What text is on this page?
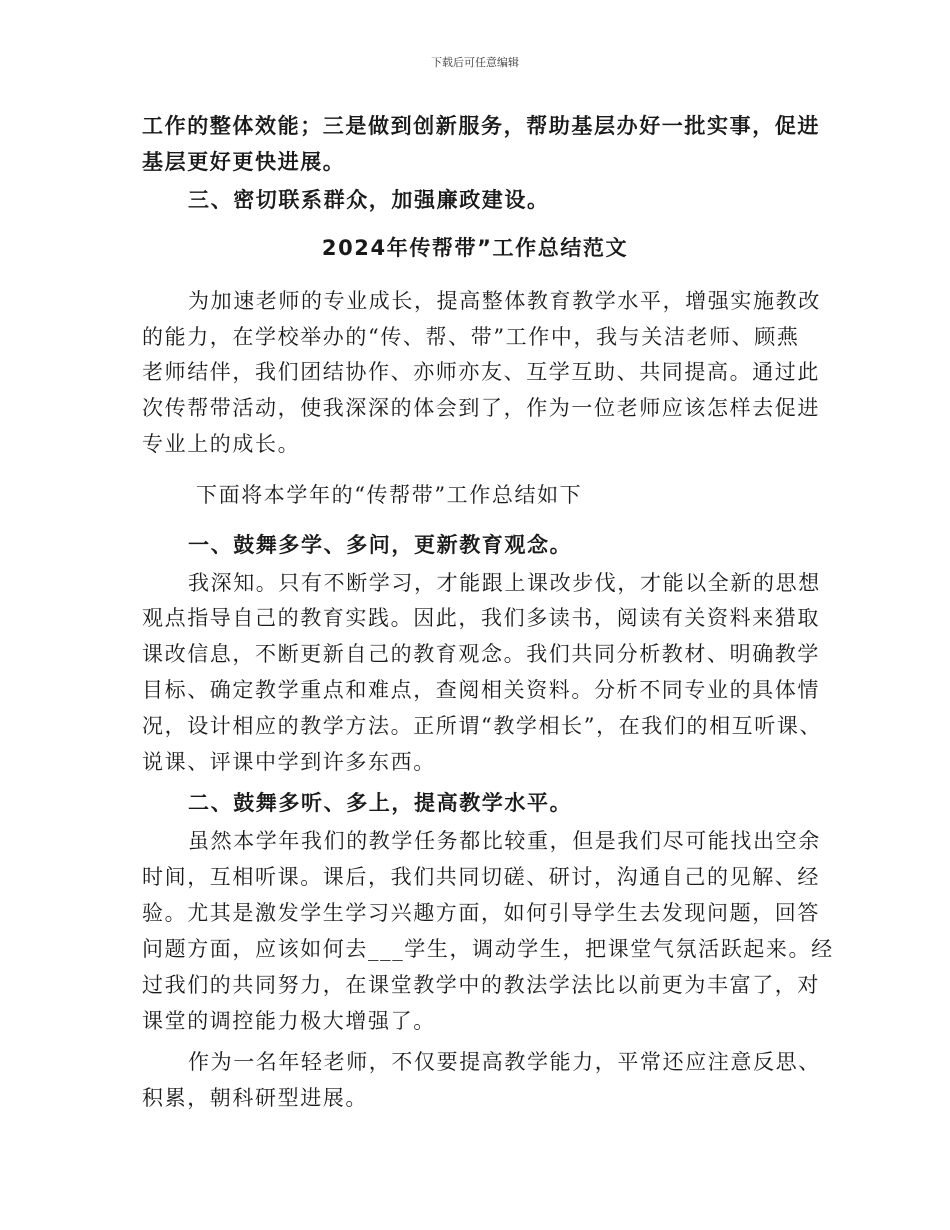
下载后可任意编辑
工作的整体效能；三是做到创新服务，帮助基层办好一批实事，促进
基层更好更快进展。
三、密切联系群众，加强廉政建设。
2024年传帮带”工作总结范文
为加速老师的专业成长，提高整体教育教学水平，增强实施教改
的能力，在学校举办的“传、帮、带”工作中，我与关洁老师、顾燕
老师结伴，我们团结协作、亦师亦友、互学互助、共同提高。通过此
次传帮带活动，使我深深的体会到了，作为一位老师应该怎样去促进
专业上的成长。
下面将本学年的“传帮带”工作总结如下
一、鼓舞多学、多问，更新教育观念。
我深知。只有不断学习，才能跟上课改步伐，才能以全新的思想
观点指导自己的教育实践。因此，我们多读书，阅读有关资料来猎取
课改信息，不断更新自己的教育观念。我们共同分析教材、明确教学
目标、确定教学重点和难点，查阅相关资料。分析不同专业的具体情
况，设计相应的教学方法。正所谓“教学相长”，在我们的相互听课、
说课、评课中学到许多东西。
二、鼓舞多听、多上，提高教学水平。
虽然本学年我们的教学任务都比较重，但是我们尽可能找出空余
时间，互相听课。课后，我们共同切磋、研讨，沟通自己的见解、经
验。尤其是激发学生学习兴趣方面，如何引导学生去发现问题，回答
问题方面，应该如何去___学生，调动学生，把课堂气氛活跃起来。经
过我们的共同努力，在课堂教学中的教法学法比以前更为丰富了，对
课堂的调控能力极大增强了。
作为一名年轻老师，不仅要提高教学能力，平常还应注意反思、
积累，朝科研型进展。
